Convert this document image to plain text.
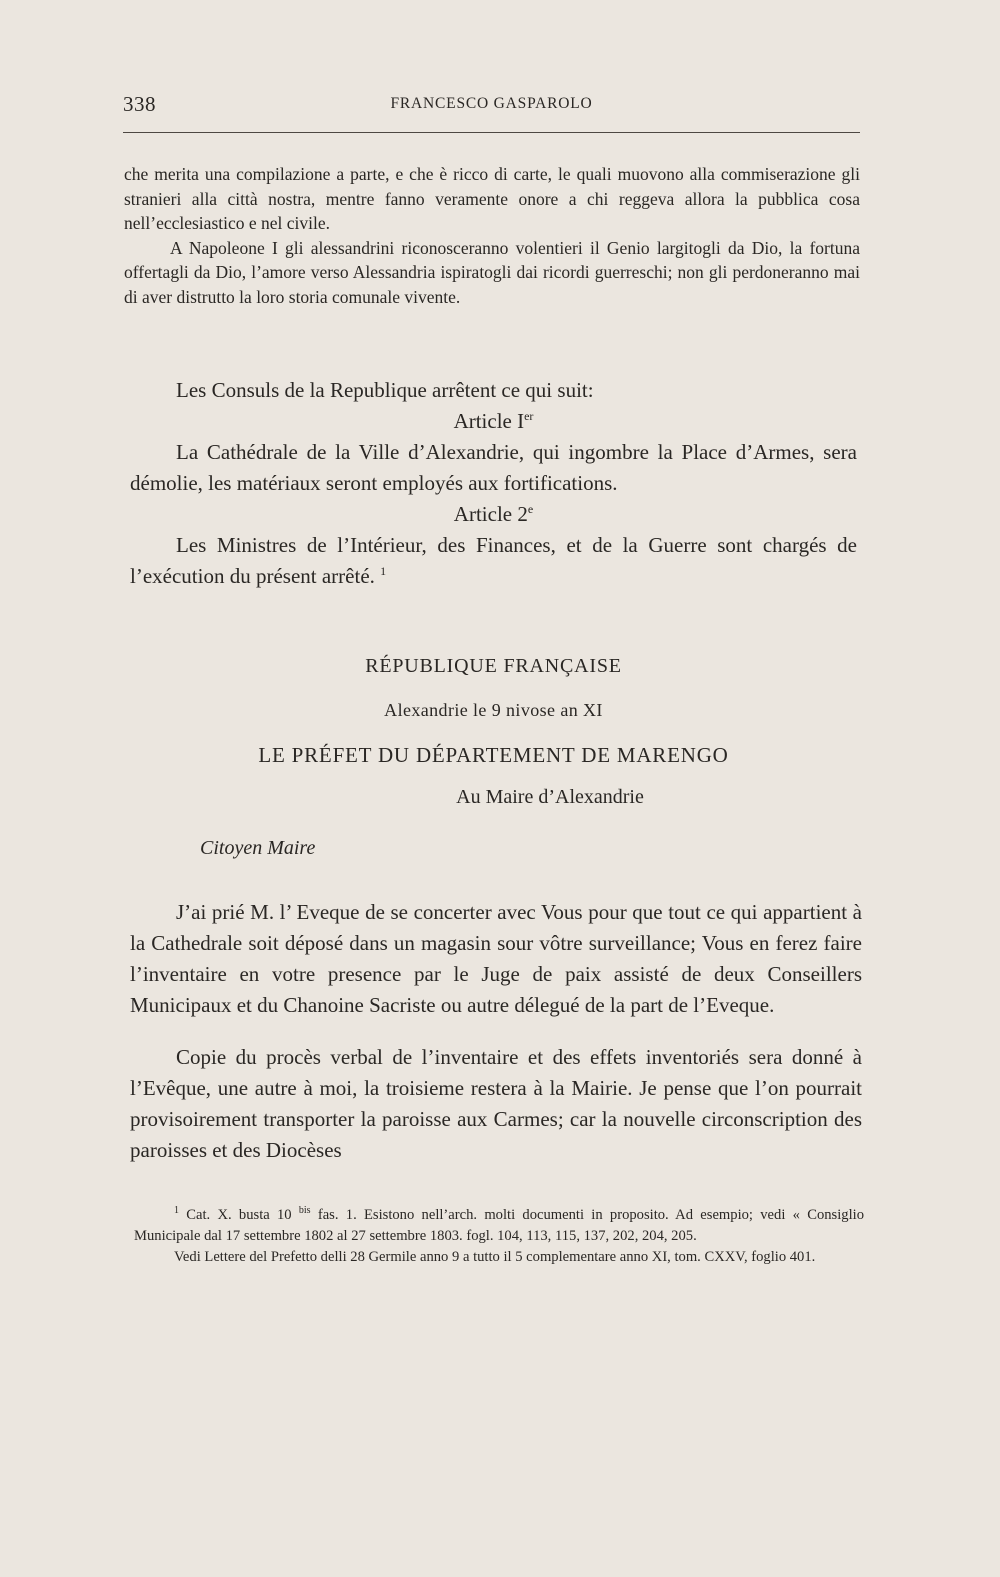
338	FRANCESCO GASPAROLO

che merita una compilazione a parte, e che è ricco di carte, le quali muovono alla commiserazione gli stranieri alla città nostra, mentre fanno veramente onore a chi reggeva allora la pubblica cosa nell’ecclesiastico e nel civile.

A Napoleone I gli alessandrini riconosceranno volentieri il Genio largitogli da Dio, la fortuna offertagli da Dio, l’amore verso Alessandria ispiratogli dai ricordi guerreschi; non gli perdoneranno mai di aver distrutto la loro storia comunale vivente.

Les Consuls de la Republique arrêtent ce qui suit:

Article Ier

La Cathédrale de la Ville d’Alexandrie, qui ingombre la Place d’Armes, sera démolie, les matériaux seront employés aux fortifications.

Article 2e

Les Ministres de l’Intérieur, des Finances, et de la Guerre sont chargés de l’exécution du présent arrêté. $^1$

RÉPUBLIQUE FRANÇAISE
Alexandrie le 9 nivose an XI
LE PRÉFET DU DÉPARTEMENT DE MARENGO
Au Maire d’Alexandrie
Citoyen Maire

J’ai prié M. l’ Eveque de se concerter avec Vous pour que tout ce qui appartient à la Cathedrale soit déposé dans un magasin sour vôtre surveillance; Vous en ferez faire l’inventaire en votre presence par le Juge de paix assisté de deux Conseillers Municipaux et du Chanoine Sacriste ou autre délegué de la part de l’Eveque.

Copie du procès verbal de l’inventaire et des effets inventoriés sera donné à l’Evêque, une autre à moi, la troisieme restera à la Mairie. Je pense que l’on pourrait provisoirement transporter la paroisse aux Carmes; car la nouvelle circonscription des paroisses et des Diocèses

$^1$ Cat. X. busta 10 $^{bis}$ fas. 1. Esistono nell’arch. molti documenti in proposito. Ad esempio; vedi « Consiglio Municipale dal 17 settembre 1802 al 27 settembre 1803. fogl. 104, 113, 115, 137, 202, 204, 205.

Vedi Lettere del Prefetto delli 28 Germile anno 9 a tutto il 5 complementare anno XI, tom. CXXV, foglio 401.
